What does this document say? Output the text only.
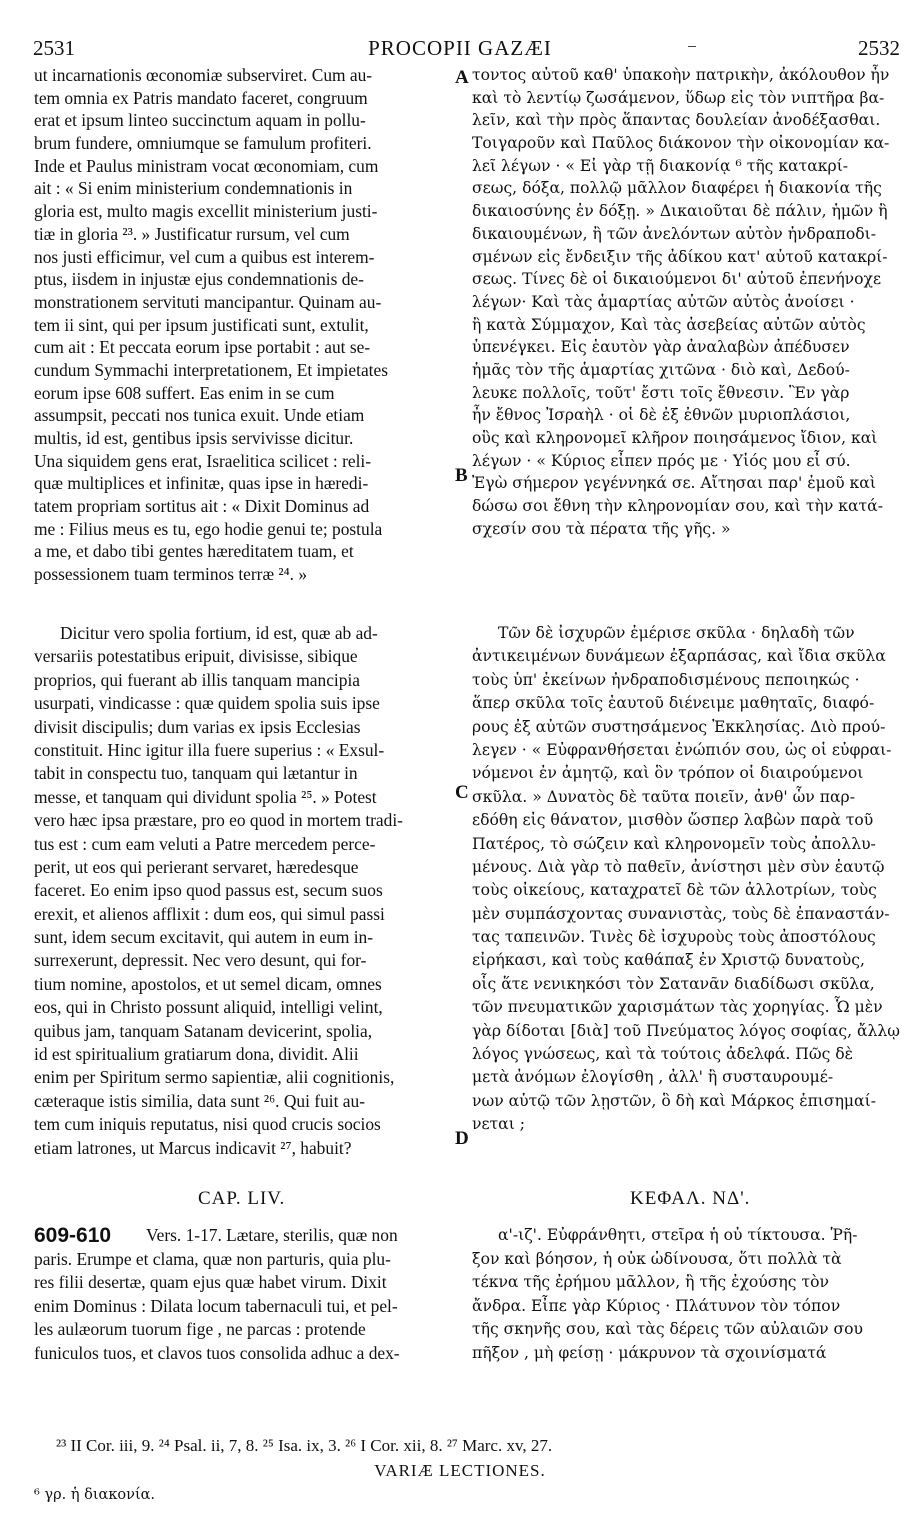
2531	PROCOPII GAZÆI	2532
A
B
C
D
ut incarnationis œconomiæ subserviret. Cum au-
tem omnia ex Patris mandato faceret, congruum
erat et ipsum linteo succinctum aquam in pollu-
brum fundere, omniumque se famulum profiteri.
Inde et Paulus ministram vocat œconomiam, cum
ait : « Si enim ministerium condemnationis in
gloria est, multo magis excellit ministerium justi-
tiæ in gloria ²³. » Justificatur rursum, vel cum
nos justi efficimur, vel cum a quibus est interem-
ptus, iisdem in injustæ ejus condemnationis de-
monstrationem servituti mancipantur. Quinam au-
tem ii sint, qui per ipsum justificati sunt, extulit,
cum ait : Et peccata eorum ipse portabit : aut se-
cundum Symmachi interpretationem, Et impietates
eorum ipse 608 suffert. Eas enim in se cum
assumpsit, peccati nos tunica exuit. Unde etiam
multis, id est, gentibus ipsis servivisse dicitur.
Una siquidem gens erat, Israelitica scilicet : reli-
quæ multiplices et infinitæ, quas ipse in hæredi-
tatem propriam sortitus ait : « Dixit Dominus ad
me : Filius meus es tu, ego hodie genui te; postula
a me, et dabo tibi gentes hæreditatem tuam, et
possessionem tuam terminos terræ ²⁴. »
τοντος αὐτοῦ καθ' ὑπακοὴν πατρικὴν, ἀκόλουθον ἦν
καὶ τὸ λεντίῳ ζωσάμενον, ὕδωρ εἰς τὸν νιπτῆρα βα-
λεῖν, καὶ τὴν πρὸς ἅπαντας δουλείαν ἀνοδέξασθαι.
Τοιγαροῦν καὶ Παῦλος διάκονον τὴν οἰκονομίαν κα-
λεῖ λέγων · « Εἰ γὰρ τῇ διακονίᾳ ⁶ τῆς κατακρί-
σεως, δόξα, πολλῷ μᾶλλον διαφέρει ἡ διακονία τῆς
δικαιοσύνης ἐν δόξῃ. » Δικαιοῦται δὲ πάλιν, ἡμῶν ἢ
δικαιουμένων, ἢ τῶν ἀνελόντων αὐτὸν ἠνδραποδι-
σμένων εἰς ἔνδειξιν τῆς ἀδίκου κατ' αὐτοῦ κατακρί-
σεως. Τίνες δὲ οἱ δικαιούμενοι δι' αὐτοῦ ἐπενήνοχε
λέγων· Καὶ τὰς ἁμαρτίας αὐτῶν αὐτὸς ἀνοίσει ·
ἢ κατὰ Σύμμαχον, Καὶ τὰς ἀσεβείας αὐτῶν αὐτὸς
ὑπενέγκει. Εἰς ἑαυτὸν γὰρ ἀναλαβὼν ἀπέδυσεν
ἡμᾶς τὸν τῆς ἁμαρτίας χιτῶνα · διὸ καὶ, Δεδού-
λευκε πολλοῖς, τοῦτ' ἔστι τοῖς ἔθνεσιν. Ἓν γὰρ
ἦν ἔθνος Ἰσραὴλ · οἱ δὲ ἐξ ἐθνῶν μυριοπλάσιοι,
οὓς καὶ κληρονομεῖ κλῆρον ποιησάμενος ἴδιον, καὶ
λέγων · « Κύριος εἶπεν πρός με · Υἱός μου εἶ σύ.
Ἐγὼ σήμερον γεγέννηκά σε. Αἴτησαι παρ' ἐμοῦ καὶ
δώσω σοι ἔθνη τὴν κληρονομίαν σου, καὶ τὴν κατά-
σχεσίν σου τὰ πέρατα τῆς γῆς. »
Dicitur vero spolia fortium, id est, quæ ab ad-
versariis potestatibus eripuit, divisisse, sibique
proprios, qui fuerant ab illis tanquam mancipia
usurpati, vindicasse : quæ quidem spolia suis ipse
divisit discipulis; dum varias ex ipsis Ecclesias
constituit. Hinc igitur illa fuere superius : « Exsul-
tabit in conspectu tuo, tanquam qui lætantur in
messe, et tanquam qui dividunt spolia ²⁵. » Potest
vero hæc ipsa præstare, pro eo quod in mortem tradi-
tus est : cum eam veluti a Patre mercedem perce-
perit, ut eos qui perierant servaret, hæredesque
faceret. Eo enim ipso quod passus est, secum suos
erexit, et alienos afflixit : dum eos, qui simul passi
sunt, idem secum excitavit, qui autem in eum in-
surrexerunt, depressit. Nec vero desunt, qui for-
tium nomine, apostolos, et ut semel dicam, omnes
eos, qui in Christo possunt aliquid, intelligi velint,
quibus jam, tanquam Satanam devicerint, spolia,
id est spiritualium gratiarum dona, dividit. Alii
enim per Spiritum sermo sapientiæ, alii cognitionis,
cæteraque istis similia, data sunt ²⁶. Qui fuit au-
tem cum iniquis reputatus, nisi quod crucis socios
etiam latrones, ut Marcus indicavit ²⁷, habuit?
Τῶν δὲ ἰσχυρῶν ἐμέρισε σκῦλα · δηλαδὴ τῶν
ἀντικειμένων δυνάμεων ἐξαρπάσας, καὶ ἴδια σκῦλα
τοὺς ὑπ' ἐκείνων ἠνδραποδισμένους πεποιηκώς ·
ἅπερ σκῦλα τοῖς ἑαυτοῦ διένειμε μαθηταῖς, διαφό-
ρους ἐξ αὐτῶν συστησάμενος Ἐκκλησίας. Διὸ πρού-
λεγεν · « Εὐφρανθήσεται ἐνώπιόν σου, ὡς οἱ εὐφραι-
νόμενοι ἐν ἀμητῷ, καὶ ὃν τρόπον οἱ διαιρούμενοι
σκῦλα. » Δυνατὸς δὲ ταῦτα ποιεῖν, ἀνθ' ὧν παρ-
εδόθη εἰς θάνατον, μισθὸν ὥσπερ λαβὼν παρὰ τοῦ
Πατέρος, τὸ σώζειν καὶ κληρονομεῖν τοὺς ἀπολλυ-
μένους. Διὰ γὰρ τὸ παθεῖν, ἀνίστησι μὲν σὺν ἑαυτῷ
τοὺς οἰκείους, καταχρατεῖ δὲ τῶν ἀλλοτρίων, τοὺς
μὲν συμπάσχοντας συνανιστὰς, τοὺς δὲ ἐπαναστάν-
τας ταπεινῶν. Τινὲς δὲ ἰσχυροὺς τοὺς ἀποστόλους
εἰρήκασι, καὶ τοὺς καθάπαξ ἐν Χριστῷ δυνατοὺς,
οἷς ἅτε νενικηκόσι τὸν Σατανᾶν διαδίδωσι σκῦλα,
τῶν πνευματικῶν χαρισμάτων τὰς χορηγίας. Ὧ μὲν
γὰρ δίδοται [διὰ] τοῦ Πνεύματος λόγος σοφίας, ἄλλῳ
λόγος γνώσεως, καὶ τὰ τούτοις ἀδελφά. Πῶς δὲ
μετὰ ἀνόμων ἐλογίσθη , ἀλλ' ἢ συσταυρουμέ-
νων αὐτῷ τῶν λῃστῶν, ὃ δὴ καὶ Μάρκος ἐπισημαί-
νεται ;
CAP. LIV.	ΚΕΦΑΛ. ΝΔ'.
609-610	Vers. 1-17. Lætare, sterilis, quæ non
paris. Erumpe et clama, quæ non parturis, quia plu-
res filii desertæ, quam ejus quæ habet virum. Dixit
enim Dominus : Dilata locum tabernaculi tui, et pel-
les aulæorum tuorum fige , ne parcas : protende
funiculos tuos, et clavos tuos consolida adhuc a dex-
α'-ιζ'. Εὐφράνθητι, στεῖρα ἡ οὐ τίκτουσα. Ῥῆ-
ξον καὶ βόησον, ἡ οὐκ ὠδίνουσα, ὅτι πολλὰ τὰ
τέκνα τῆς ἐρήμου μᾶλλον, ἢ τῆς ἐχούσης τὸν
ἄνδρα. Εἶπε γὰρ Κύριος · Πλάτυνον τὸν τόπον
τῆς σκηνῆς σου, καὶ τὰς δέρεις τῶν αὐλαιῶν σου
πῆξον , μὴ φείσῃ · μάκρυνον τὰ σχοινίσματά
²³ II Cor. iii, 9. ²⁴ Psal. ii, 7, 8. ²⁵ Isa. ix, 3. ²⁶ I Cor. xii, 8. ²⁷ Marc. xv, 27.
VARIÆ LECTIONES.
⁶ γρ. ἡ διακονία.
